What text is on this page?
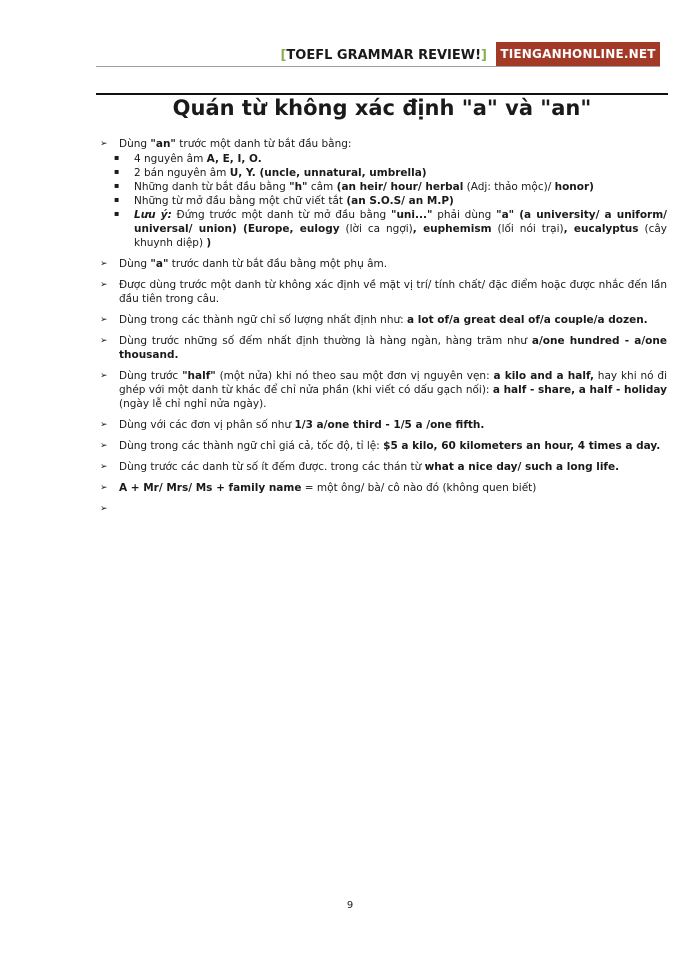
[TOEFL GRAMMAR REVIEW!]	TIENGANHONLINE.NET
Quán từ không xác định "a" và "an"
➢ Dùng "an" trước một danh từ bắt đầu bằng:
▪ 4 nguyên âm A, E, I, O.
▪ 2 bán nguyên âm U, Y. (uncle, unnatural, umbrella)
▪ Những danh từ bắt đầu bằng "h" câm (an heir/ hour/ herbal (Adj: thảo mộc)/ honor)
▪ Những từ mở đầu bằng một chữ viết tắt (an S.O.S/ an M.P)
▪ Lưu ý: Đứng trước một danh từ mở đầu bằng "uni..." phải dùng "a" (a university/ a uniform/ universal/ union) (Europe, eulogy (lời ca ngợi), euphemism (lối nói trại), eucalyptus (cây khuynh diệp) )
➢ Dùng "a" trước danh từ bắt đầu bằng một phụ âm.
➢ Được dùng trước một danh từ không xác định về mặt vị trí/ tính chất/ đặc điểm hoặc được nhắc đến lần đầu tiên trong câu.
➢ Dùng trong các thành ngữ chỉ số lượng nhất định như: a lot of/a great deal of/a couple/a dozen.
➢ Dùng trước những số đếm nhất định thường là hàng ngàn, hàng trăm như a/one hundred - a/one thousand.
➢ Dùng trước "half" (một nửa) khi nó theo sau một đơn vị nguyên vẹn: a kilo and a half, hay khi nó đi ghép với một danh từ khác để chỉ nửa phần (khi viết có dấu gạch nối): a half - share, a half - holiday (ngày lễ chỉ nghỉ nửa ngày).
➢ Dùng với các đơn vị phân số như 1/3 a/one third - 1/5 a /one fifth.
➢ Dùng trong các thành ngữ chỉ giá cả, tốc độ, tỉ lệ: $5 a kilo, 60 kilometers an hour, 4 times a day.
➢ Dùng trước các danh từ số ít đếm được. trong các thán từ what a nice day/ such a long life.
➢ A + Mr/ Mrs/ Ms + family name = một ông/ bà/ cô nào đó (không quen biết)
➢

9
